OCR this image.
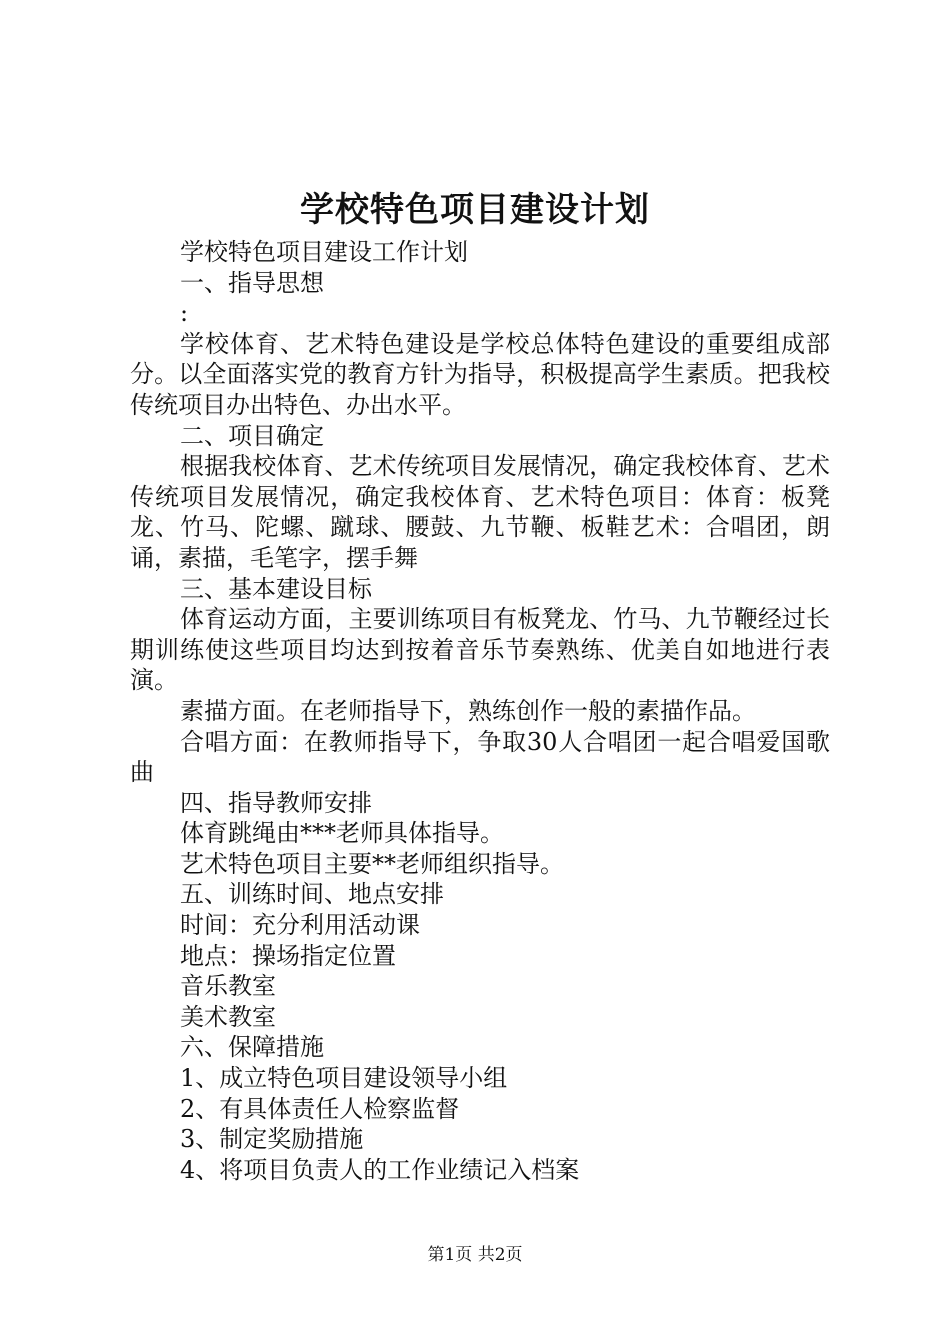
学校特色项目建设计划

学校特色项目建设工作计划

一、指导思想

:

学校体育、艺术特色建设是学校总体特色建设的重要组成部分。以全面落实党的教育方针为指导，积极提高学生素质。把我校传统项目办出特色、办出水平。

二、项目确定

根据我校体育、艺术传统项目发展情况，确定我校体育、艺术传统项目发展情况，确定我校体育、艺术特色项目：体育：板凳龙、竹马、陀螺、蹴球、腰鼓、九节鞭、板鞋艺术：合唱团，朗诵，素描，毛笔字，摆手舞

三、基本建设目标

体育运动方面，主要训练项目有板凳龙、竹马、九节鞭经过长期训练使这些项目均达到按着音乐节奏熟练、优美自如地进行表演。

素描方面。在老师指导下，熟练创作一般的素描作品。

合唱方面：在教师指导下，争取30人合唱团一起合唱爱国歌曲

四、指导教师安排

体育跳绳由***老师具体指导。

艺术特色项目主要**老师组织指导。

五、训练时间、地点安排

时间：充分利用活动课

地点：操场指定位置

音乐教室

美术教室

六、保障措施

1、成立特色项目建设领导小组

2、有具体责任人检察监督

3、制定奖励措施

4、将项目负责人的工作业绩记入档案

第1页 共2页
